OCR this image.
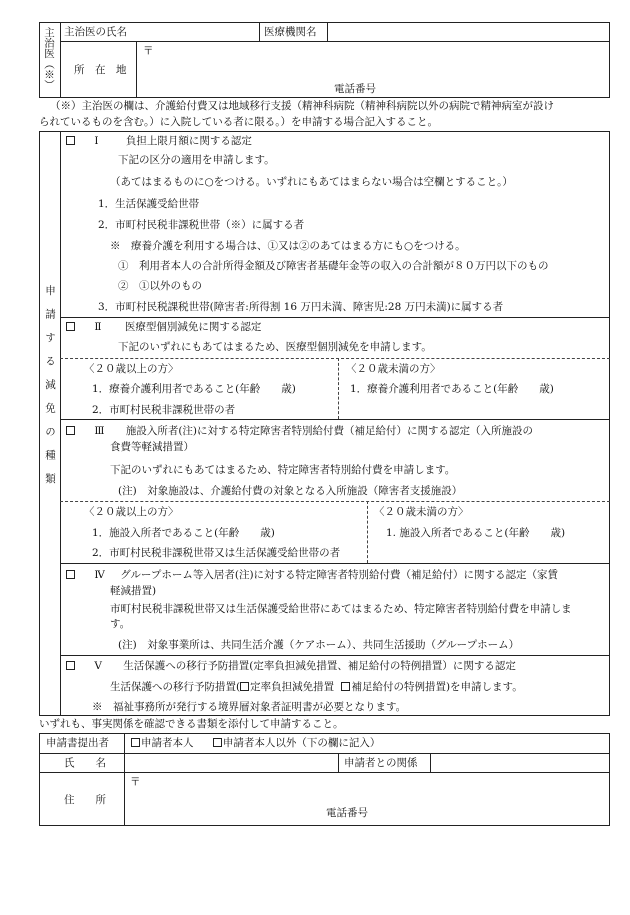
主治医（※） 主治医の氏名	医療機関名
所　在　地
〒
電話番号
（※）主治医の欄は、介護給付費又は地域移行支援（精神科病院（精神科病院以外の病院で精神病室が設け
られているものを含む。）に入院している者に限る。）を申請する場合記入すること。
申請する減免の種類
Ⅰ	負担上限月額に関する認定
下記の区分の適用を申請します。
（あてはまるものに○をつける。いずれにもあてはまらない場合は空欄とすること。）
1．生活保護受給世帯
2．市町村民税非課税世帯（※）に属する者
※　療養介護を利用する場合は、①又は②のあてはまる方にも○をつける。
①　利用者本人の合計所得金額及び障害者基礎年金等の収入の合計額が８０万円以下のもの
②　①以外のもの
3．市町村民税課税世帯(障害者:所得割 16 万円未満、障害児:28 万円未満)に属する者
Ⅱ 医療型個別減免に関する認定
下記のいずれにもあてはまるため、医療型個別減免を申請します。
〈２０歳以上の方〉
1．療養介護利用者であること(年齢　　歳)
2．市町村民税非課税世帯の者
〈２０歳未満の方〉
1．療養介護利用者であること(年齢　　歳)
Ⅲ 施設入所者(注)に対する特定障害者特別給付費（補足給付）に関する認定（入所施設の
食費等軽減措置）
下記のいずれにもあてはまるため、特定障害者特別給付費を申請します。
(注)　対象施設は、介護給付費の対象となる入所施設（障害者支援施設）
〈２０歳以上の方〉
1．施設入所者であること(年齢　　歳)
2．市町村民税非課税世帯又は生活保護受給世帯の者
〈２０歳未満の方〉
1. 施設入所者であること(年齢　　歳)
Ⅳ グループホーム等入居者(注)に対する特定障害者特別給付費（補足給付）に関する認定（家賃
軽減措置)
市町村民税非課税世帯又は生活保護受給世帯にあてはまるため、特定障害者特別給付費を申請しま
す。
(注)　対象事業所は、共同生活介護（ケアホーム）、共同生活援助（グループホーム）
Ⅴ 生活保護への移行予防措置(定率負担減免措置、補足給付の特例措置）に関する認定
生活保護への移行予防措置( 定率負担減免措置 補足給付の特例措置)を申請します。
※　福祉事務所が発行する境界層対象者証明書が必要となります。
いずれも、事実関係を確認できる書類を添付して申請すること。
申請書提出者	申請者本人	申請者本人以外（下の欄に記入）
氏　　名	申請者との関係
住　　所
〒
電話番号
